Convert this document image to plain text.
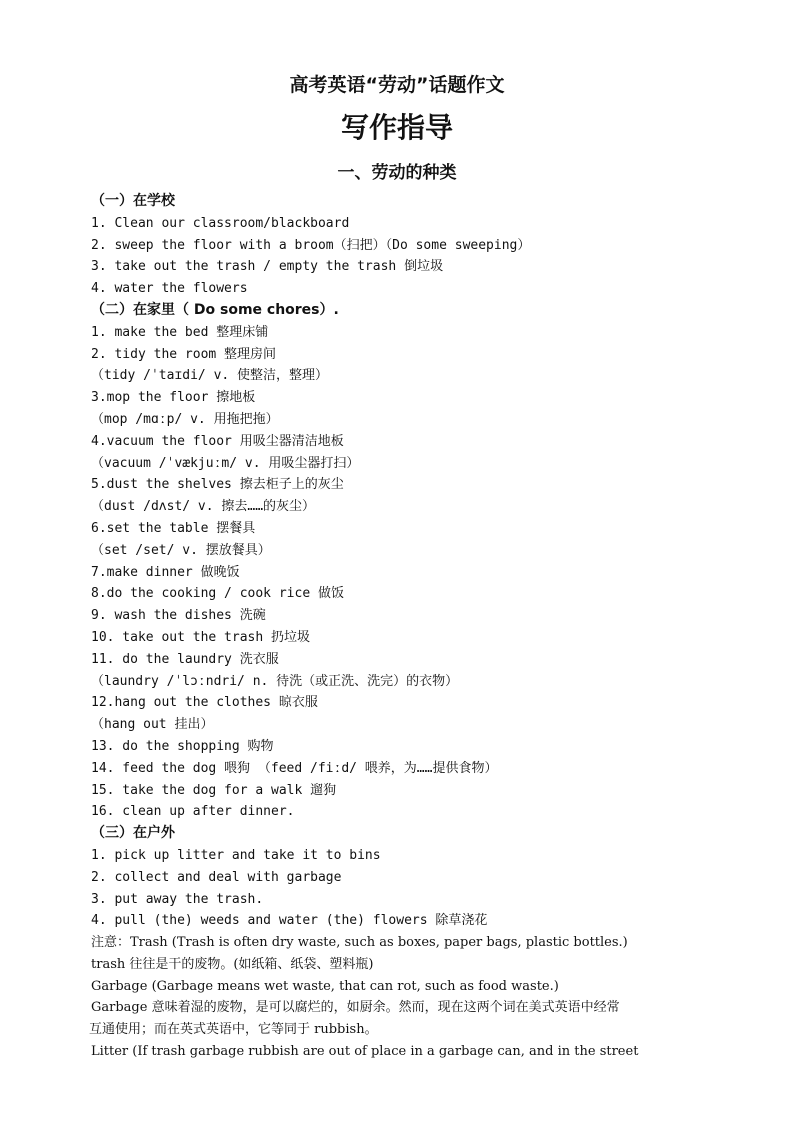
高考英语“劳动”话题作文
写作指导
一、劳动的种类
（一）在学校
1. Clean our classroom/blackboard
2. sweep the floor with a broom（扫把）（Do some sweeping）
3. take out the trash / empty the trash 倒垃圾
4. water the flowers
（二）在家里（ Do some chores）.
1. make the bed 整理床铺
2. tidy the room 整理房间
（tidy /ˈtaɪdi/ v. 使整洁，整理）
3.mop the floor 擦地板
（mop /mɑːp/ v. 用拖把拖）
4.vacuum the floor 用吸尘器清洁地板
（vacuum /ˈvækjuːm/ v. 用吸尘器打扫）
5.dust the shelves 擦去柜子上的灰尘
（dust /dʌst/ v. 擦去……的灰尘）
6.set the table 摆餐具
（set /set/ v. 摆放餐具）
7.make dinner 做晚饭
8.do the cooking / cook rice 做饭
9. wash the dishes 洗碗
10. take out the trash 扔垃圾
11. do the laundry 洗衣服
（laundry /ˈlɔːndri/ n. 待洗（或正洗、洗完）的衣物）
12.hang out the clothes 晾衣服
（hang out 挂出）
13. do the shopping 购物
14. feed the dog 喂狗 （feed /fiːd/ 喂养，为……提供食物）
15. take the dog for a walk 遛狗
16. clean up after dinner.
（三）在户外
1. pick up litter and take it to bins
2. collect and deal with garbage
3. put away the trash.
4. pull (the) weeds and water (the) flowers 除草浇花
注意：Trash (Trash is often dry waste, such as boxes, paper bags, plastic bottles.)
trash 往往是干的废物。(如纸箱、纸袋、塑料瓶)
Garbage (Garbage means wet waste, that can rot, such as food waste.)
Garbage 意味着湿的废物，是可以腐烂的，如厨余。然而，现在这两个词在美式英语中经常
互通使用；而在英式英语中，它等同于 rubbish。
Litter (If trash garbage rubbish are out of place in a garbage can, and in the street
